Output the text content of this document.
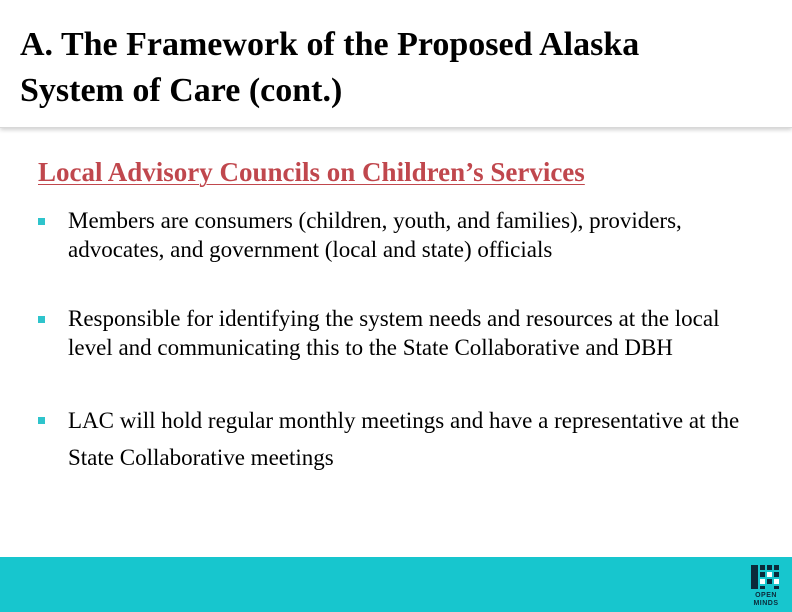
A. The Framework of the Proposed Alaska
System of Care (cont.)
Local Advisory Councils on Children’s Services
Members are consumers (children, youth, and families), providers, advocates, and government (local and state) officials
Responsible for identifying the system needs and resources at the local level and communicating this to the State Collaborative and DBH
LAC will hold regular monthly meetings and have a representative at the State Collaborative meetings
OPEN
MINDS
